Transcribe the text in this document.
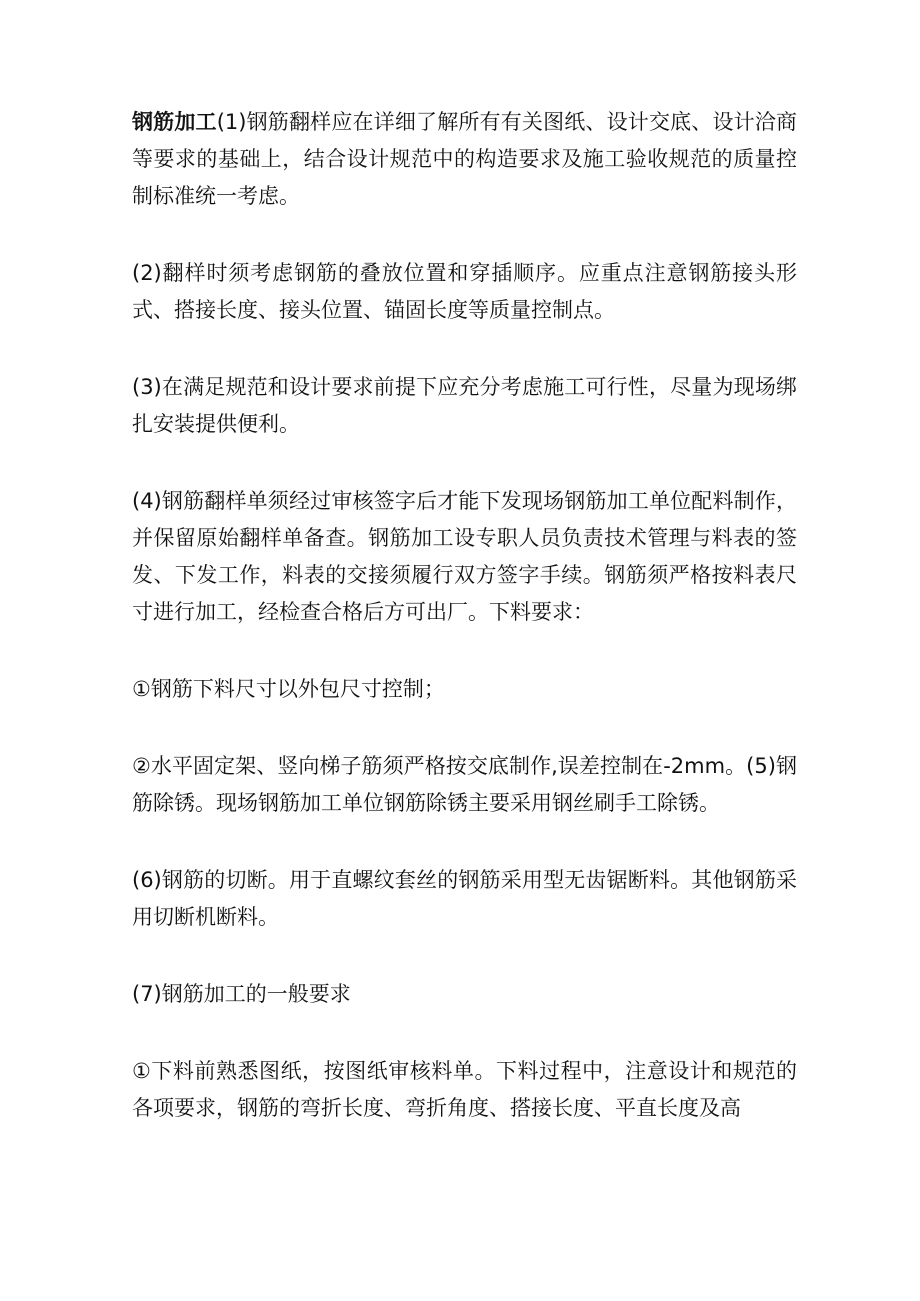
钢筋加工(1)钢筋翻样应在详细了解所有有关图纸、设计交底、设计洽商等要求的基础上，结合设计规范中的构造要求及施工验收规范的质量控制标准统一考虑。

(2)翻样时须考虑钢筋的叠放位置和穿插顺序。应重点注意钢筋接头形式、搭接长度、接头位置、锚固长度等质量控制点。

(3)在满足规范和设计要求前提下应充分考虑施工可行性，尽量为现场绑扎安装提供便利。

(4)钢筋翻样单须经过审核签字后才能下发现场钢筋加工单位配料制作，并保留原始翻样单备查。钢筋加工设专职人员负责技术管理与料表的签发、下发工作，料表的交接须履行双方签字手续。钢筋须严格按料表尺寸进行加工，经检查合格后方可出厂。下料要求：

①钢筋下料尺寸以外包尺寸控制；

②水平固定架、竖向梯子筋须严格按交底制作,误差控制在-2mm。(5)钢筋除锈。现场钢筋加工单位钢筋除锈主要采用钢丝刷手工除锈。

(6)钢筋的切断。用于直螺纹套丝的钢筋采用型无齿锯断料。其他钢筋采用切断机断料。

(7)钢筋加工的一般要求

①下料前熟悉图纸，按图纸审核料单。下料过程中，注意设计和规范的各项要求，钢筋的弯折长度、弯折角度、搭接长度、平直长度及高
